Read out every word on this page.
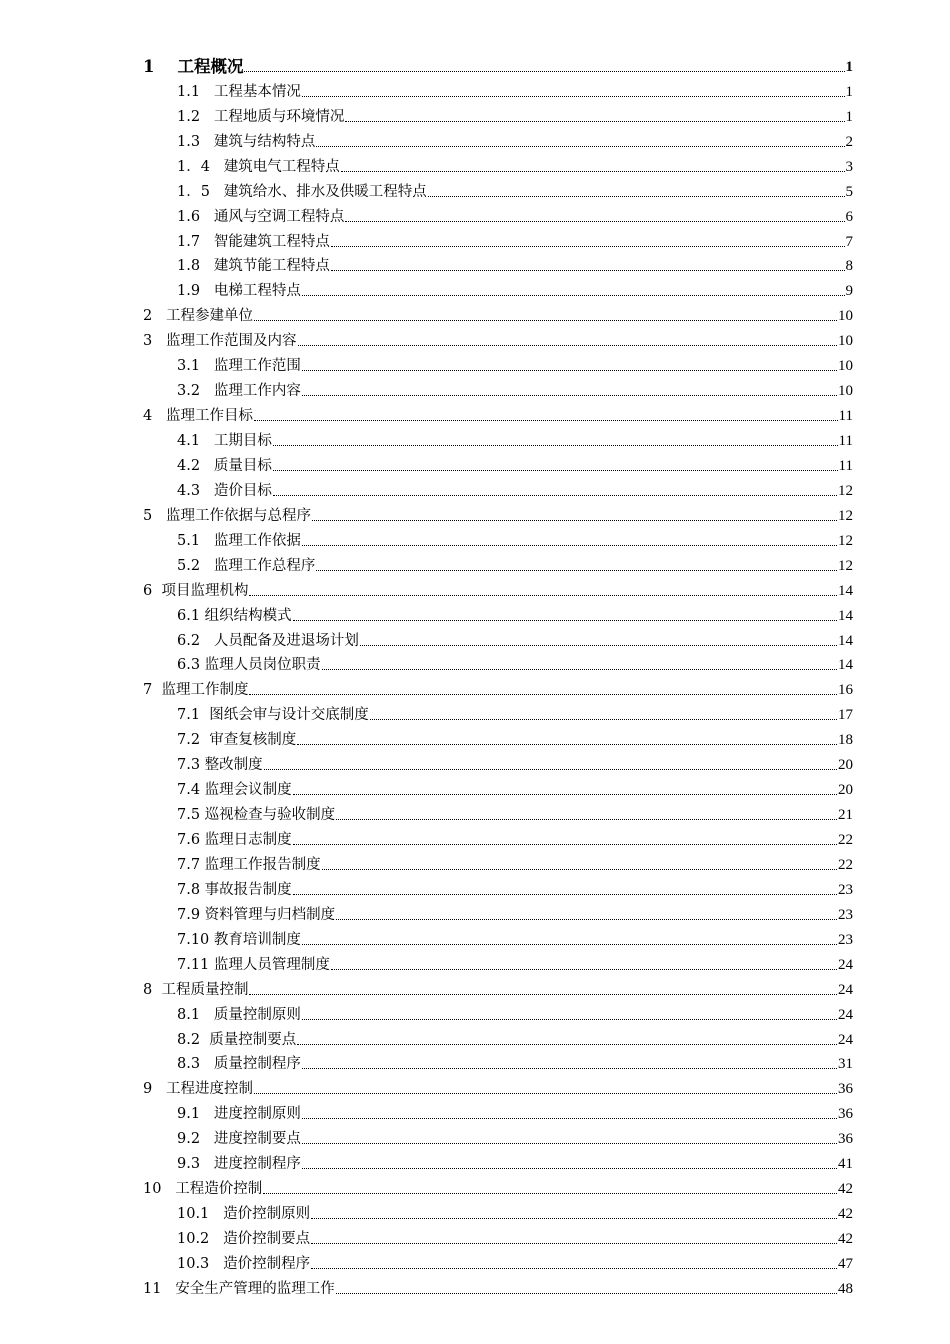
1    工程概况	1
1.1   工程基本情况	1
1.2   工程地质与环境情况	1
1.3   建筑与结构特点	2
1．4   建筑电气工程特点	3
1．5   建筑给水、排水及供暖工程特点	5
1.6   通风与空调工程特点	6
1.7   智能建筑工程特点	7
1.8   建筑节能工程特点	8
1.9   电梯工程特点	9
2   工程参建单位	10
3   监理工作范围及内容	10
3.1   监理工作范围	10
3.2   监理工作内容	10
4   监理工作目标	11
4.1   工期目标	11
4.2   质量目标	11
4.3   造价目标	12
5   监理工作依据与总程序	12
5.1   监理工作依据	12
5.2   监理工作总程序	12
6  项目监理机构	14
6.1 组织结构模式	14
6.2   人员配备及进退场计划	14
6.3 监理人员岗位职责	14
7  监理工作制度	16
7.1  图纸会审与设计交底制度	17
7.2  审查复核制度	18
7.3 整改制度	20
7.4 监理会议制度	20
7.5 巡视检查与验收制度	21
7.6 监理日志制度	22
7.7 监理工作报告制度	22
7.8 事故报告制度	23
7.9 资料管理与归档制度	23
7.10 教育培训制度	23
7.11 监理人员管理制度	24
8  工程质量控制	24
8.1   质量控制原则	24
8.2  质量控制要点	24
8.3   质量控制程序	31
9   工程进度控制	36
9.1   进度控制原则	36
9.2   进度控制要点	36
9.3   进度控制程序	41
10   工程造价控制	42
10.1   造价控制原则	42
10.2   造价控制要点	42
10.3   造价控制程序	47
11   安全生产管理的监理工作	48
